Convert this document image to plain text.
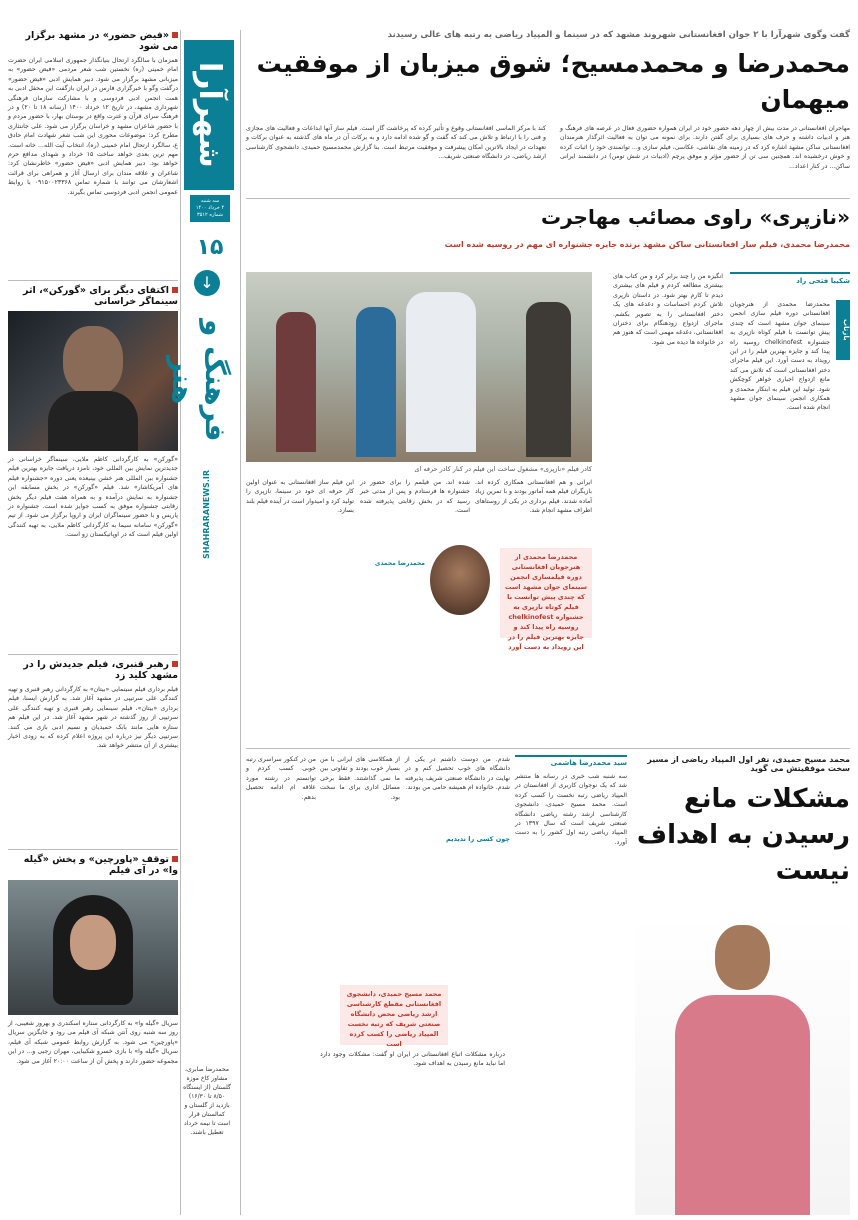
«فیض حضور» در مشهد برگزار می شود
همزمان با سالگرد ارتحال بنیانگذار جمهوری اسلامی ایران حضرت امام خمینی (ره) نخستین شب شعر مردمی «فیض حضور» به میزبانی مشهد برگزار می شود. دبیر همایش ادبی «فیض حضور» درگفت وگو با خبرگزاری فارس در ایران بازگفت این محفل ادبی به همت انجمن ادبی فردوسی و با مشارکت سازمان فرهنگی شهرداری مشهد، در تاریخ ۱۲ خرداد ۱۴۰۰ (رسانه ۱۸ تا ۲۰) و در فرهنگ سرای قرآن و عترت واقع در بوستان بهار، با حضور مردم و با حضور شاعران مشهد و خراسان برگزار می شود. علی جاننثاری مطرح کرد: موضوعات محوری این شب شعر شهادت امام حادق ع، سالگرد ارتحال امام خمینی (ره)، انتخاب آیت الله... خانه است. مهم ترین بعدی خواهد ساخت ۱۵ خرداد و شهدای مدافع حرم خواهد بود. دبیر همایش ادبی «فیض حضور» خاطرنشان کرد: شاعران و علاقه مندان برای ارسال آثار و همراهی برای قرائت اشعارشان می توانند با شماره تماس ۰۹۱۵۰۰۲۳۳۶۸ با روابط عمومی انجمن ادبی فردوسی تماس بگیرند.
اکتفای دیگر برای «گورکن»، اثر سینماگر خراسانی
«گورکن» به کارگردانی کاظم ملایی، سینماگر خراسانی در جدیدترین نمایش بین المللی خود، نامزد دریافت جایزه بهترین فیلم جشنواره بین المللی هنر خشن بینیعده یعنی دوره «جشنواره فیلم های آمریکاشار» شد. فیلم «گورکن» در بخش مسابقه این جشنواره به نمایش درآمده و به همراه هفت فیلم دیگر بخش رقابتی جشنواره موفق به کسب جوایز شده است. جشنواره در پاریس و با حضور سینماگران ایران و اروپا برگزار می شود. از تیم «گورکن» سامانه سیما به کارگردانی کاظم ملایی، به تهیه کنندگی اولین فیلم است که در اوپاتیکستان زو است.
رهبر قنبری، فیلم جدیدش را در مشهد کلید زد
فیلم برداری فیلم سینمایی «بیتان» به کارگردانی رهبر قنبری و تهیه کنندگی علی سرتیپی در مشهد آغاز شد. به گزارش ایسنا، فیلم برداری «بیتان»، فیلم سینمایی رهبر قنبری و تهیه کنندگی علی سرتیپی از روز گذشته در شهر مشهد آغاز شد. در این فیلم هم ستاره هایی مانند بابک حمیدیان و نسیم ادبی بازی می کنند. سرتیپی دیگر نیز درباره این پروژه اعلام کرده که به زودی اخبار بیشتری از آن منتشر خواهد شد.
توقف «پاورچین» و پخش «گیله وا» در آی فیلم
سریال «گیله وا» به کارگردانی ستاره اسکندری و بهروز شعیبی، از روز سه شنبه روی آنتن شبکه آی فیلم می رود و جایگزین سریال «پاورچین» می شود. به گزارش روابط عمومی شبکه آی فیلم، سریال «گیله وا» با بازی خسرو شکیبایی، مهران رجبی و... در این مجموعه حضور دارند و پخش آن از ساعت ۲۰:۰۰ آغاز می شود.
شهرآرا
سه شنبه
۴ خرداد ۱۴۰۰
شماره ۳۵۱۲
۱۵
↓
فرهنگ و هنر
SHAHRARANEWS.IR
محمدرضا صابری، مشاور کاخ موزه گلستان (از ایستگاه ۸/۵۰ تا ۱۶/۳۰) بازدید از گلستان و کمالستان قرار است تا نیمه خرداد تعطیل باشند.
گفت وگوی شهرآرا با ۲ جوان افغانستانی شهروند مشهد که در سینما و المپیاد ریاضی به رتبه های عالی رسیدند
محمدرضا و محمدمسیح؛ شوق میزبان از موفقیت میهمان
مهاجران افغانستانی در مدت بیش از چهار دهه حضور خود در ایران همواره حضوری فعال در عرصه های فرهنگ و هنر و ادبیات داشته و حرف های بسیاری برای گفتن دارند. برای نمونه می توان به فعالیت اثرگذار هنرمندان افغانستانی ساکن مشهد اشاره کرد که در زمینه های نقاشی، عکاسی، فیلم سازی و... توانمندی خود را اثبات کرده و خوش درخشیده اند. همچنین سی تن از حضور مؤثر و موفق پرچم (ادبیات در شش تومن) در دانشمند ایرانی ساکن... در کنار اعداد...
کند با مرکز الماسی افغانستانی وقوع و تأثیر کرده که پرخاشت گار است. فیلم ساز آنها ابداعات و فعالیت های مجازی و فنی را با ارتباط و تلاش می کند که گفت و گو شده ادامه دارد و به برکات آن در ماه های گذشته به عنوان برکات و تعهدات در ایجاد بالاترین امکان پیشرفت و موفقیت مرتبط است. بنا گزارش محمدمسیح حمیدی، دانشجوی کارشناسی ارشد ریاضی، در دانشگاه صنعتی شریف...
«نازپری» راوی مصائب مهاجرت
محمدرضا محمدی، فیلم ساز افغانستانی ساکن مشهد برنده جایزه جشنواره ای مهم در روسیه شده است
شکیبا فتحی راد
بازتاب
محمدرضا محمدی از هنرجویان افغانستانی دوره فیلم سازی انجمن سینمای جوان مشهد است که چندی پیش توانست با فیلم کوتاه نازپری به جشنواره chelkinofest روسیه راه پیدا کند و جایزه بهترین فیلم را در این رویداد به دست آورد. این فیلم ماجرای دختر افغانستانی است که تلاش می کند مانع ازدواج اجباری خواهر کوچکش شود. تولید این فیلم به ابتکار محمدی و همکاری انجمن سینمای جوان مشهد انجام شده است.
انگیزه من را چند برابر کرد و من کتاب های بیشتری مطالعه کردم و فیلم های بیشتری دیدم تا کارم بهتر شود. در داستان نازپری تلاش کردم احساسات و دغدغه های یک دختر افغانستانی را به تصویر بکشم. ماجرای ازدواج زودهنگام برای دختران افغانستانی، دغدغه مهمی است که هنوز هم در خانواده ها دیده می شود.
کادر فیلم «نازپری» مشغول ساخت این فیلم در کنار کادر حرفه ای
ایرانی و هم افغانستانی همکاری کرده اند. بازیگران فیلم همه آماتور بودند و با تمرین زیاد آماده شدند. فیلم برداری در یکی از روستاهای اطراف مشهد انجام شد.
شده اند. من فیلمم را برای حضور در جشنواره ها فرستادم و پس از مدتی خبر رسید که در بخش رقابتی پذیرفته شده است.
این فیلم ساز افغانستانی به عنوان اولین کار حرفه ای خود در سینما، نازپری را تولید کرد و امیدوار است در آینده فیلم بلند بسازد.
محمدرضا محمدی از هنرجویان افغانستانی دوره فیلمسازی انجمن سینمای جوان مشهد است که چندی پیش توانست با فیلم کوتاه نازپری به جشنواره chelkinofest روسیه راه پیدا کند و جایزه بهترین فیلم را در این رویداد به دست آورد
محمدرضا محمدی
محمد مسیح حمیدی، نفر اول المپیاد ریاضی از مسیر سخت موفقیتش می گوید
مشکلات مانع رسیدن به اهداف نیست
سید محمدرضا هاشمی
سه شنبه شب خبری در رسانه ها منتشر شد که یک نوجوان کاربری از افغانستان در المپیاد ریاضی رتبه نخست را کسب کرده است. محمد مسیح حمیدی، دانشجوی کارشناسی ارشد رشته ریاضی دانشگاه صنعتی شریف است که سال ۱۳۹۷ در المپیاد ریاضی رتبه اول کشور را به دست آورد.
شدم. من دوست داشتم در یکی از دانشگاه های خوب تحصیل کنم و در نهایت در دانشگاه صنعتی شریف پذیرفته شدم. خانواده ام همیشه حامی من بودند.
از همکلاسی های ایرانی با من بسیار خوب بودند و تفاوتی بین ما نمی گذاشتند. فقط برخی مسائل اداری برای ما سخت بود.
من در کنکور سراسری رتبه خوبی کسب کردم و توانستم در رشته مورد علاقه ام ادامه تحصیل بدهم.
محمد مسیح حمیدی، دانشجوی افغانستانی مقطع کارشناسی ارشد ریاضی محض دانشگاه صنعتی شریف که رتبه نخست المپیاد ریاضی را کسب کرده است
چون کسی را ندیدیم
درباره مشکلات اتباع افغانستانی در ایران او گفت: مشکلات وجود دارد اما نباید مانع رسیدن به اهداف شود.
